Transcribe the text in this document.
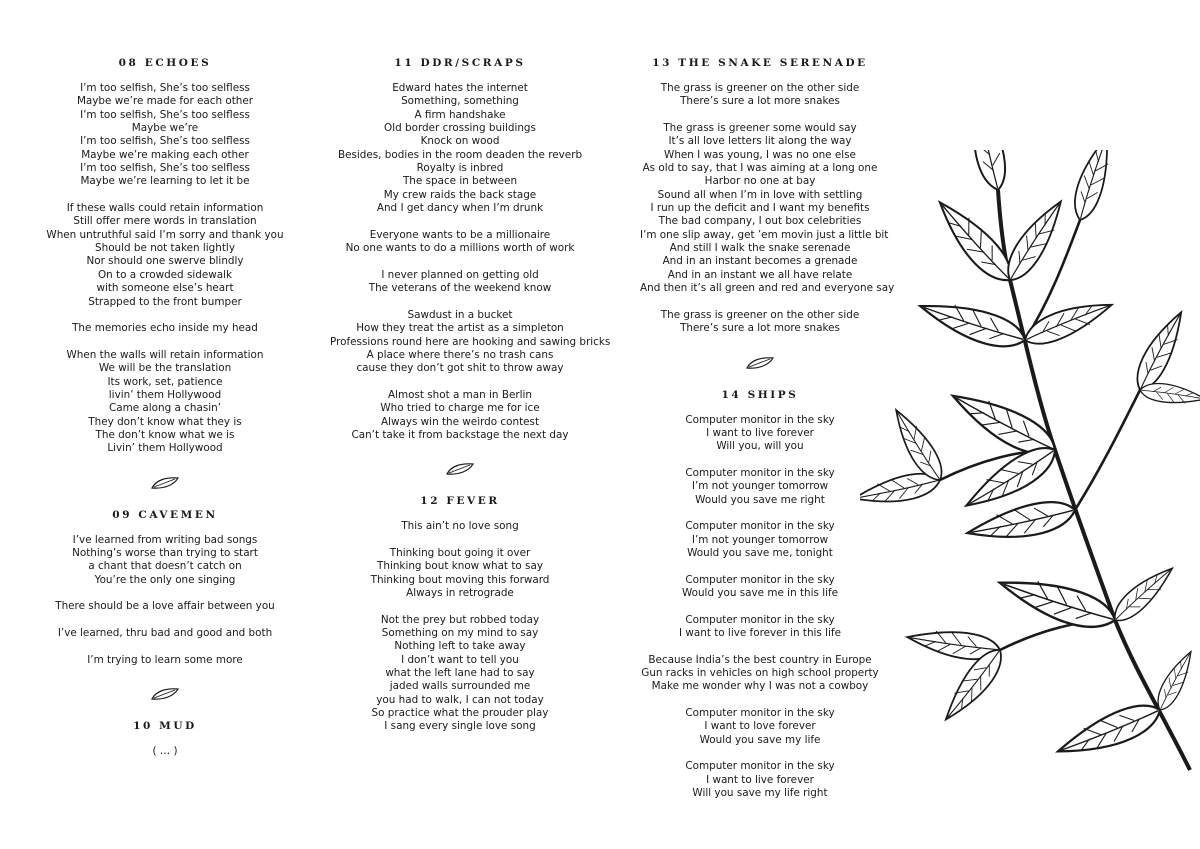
08 ECHOES
I’m too selfish, She’s too selfless
Maybe we’re made for each other
I’m too selfish, She’s too selfless
Maybe we’re
I’m too selfish, She’s too selfless
Maybe we’re making each other
I’m too selfish, She’s too selfless
Maybe we’re learning to let it be
If these walls could retain information
Still offer mere words in translation
When untruthful said I’m sorry and thank you
Should be not taken lightly
Nor should one swerve blindly
On to a crowded sidewalk
with someone else’s heart
Strapped to the front bumper
The memories echo inside my head
When the walls will retain information
We will be the translation
Its work, set, patience
livin’ them Hollywood
Came along a chasin’
They don’t know what they is
The don’t know what we is
Livin’ them Hollywood
09 CAVEMEN
I’ve learned from writing bad songs
Nothing’s worse than trying to start
a chant that doesn’t catch on
You’re the only one singing
There should be a love affair between you
I’ve learned, thru bad and good and both
I’m trying to learn some more
10 MUD
( … )
11 DDR/SCRAPS
Edward hates the internet
Something, something
A firm handshake
Old border crossing buildings
Knock on wood
Besides, bodies in the room deaden the reverb
Royalty is inbred
The space in between
My crew raids the back stage
And I get dancy when I’m drunk
Everyone wants to be a millionaire
No one wants to do a millions worth of work
I never planned on getting old
The veterans of the weekend know
Sawdust in a bucket
How they treat the artist as a simpleton
Professions round here are hooking and sawing bricks
A place where there’s no trash cans
cause they don’t got shit to throw away
Almost shot a man in Berlin
Who tried to charge me for ice
Always win the weirdo contest
Can’t take it from backstage the next day
12 FEVER
This ain’t no love song
Thinking bout going it over
Thinking bout know what to say
Thinking bout moving this forward
Always in retrograde
Not the prey but robbed today
Something on my mind to say
Nothing left to take away
I don’t want to tell you
what the left lane had to say
jaded walls surrounded me
you had to walk, I can not today
So practice what the prouder play
I sang every single love song
13 THE SNAKE SERENADE
The grass is greener on the other side
There’s sure a lot more snakes
The grass is greener some would say
It’s all love letters lit along the way
When I was young, I was no one else
As old to say, that I was aiming at a long one
Harbor no one at bay
Sound all when I’m in love with settling
I run up the deficit and I want my benefits
The bad company, I out box celebrities
I’m one slip away, get ’em movin just a little bit
And still I walk the snake serenade
And in an instant becomes a grenade
And in an instant we all have relate
And then it’s all green and red and everyone say
The grass is greener on the other side
There’s sure a lot more snakes
14 SHIPS
Computer monitor in the sky
I want to live forever
Will you, will you
Computer monitor in the sky
I’m not younger tomorrow
Would you save me right
Computer monitor in the sky
I’m not younger tomorrow
Would you save me, tonight
Computer monitor in the sky
Would you save me in this life
Computer monitor in the sky
I want to live forever in this life
Because India’s the best country in Europe
Gun racks in vehicles on high school property
Make me wonder why I was not a cowboy
Computer monitor in the sky
I want to love forever
Would you save my life
Computer monitor in the sky
I want to live forever
Will you save my life right
